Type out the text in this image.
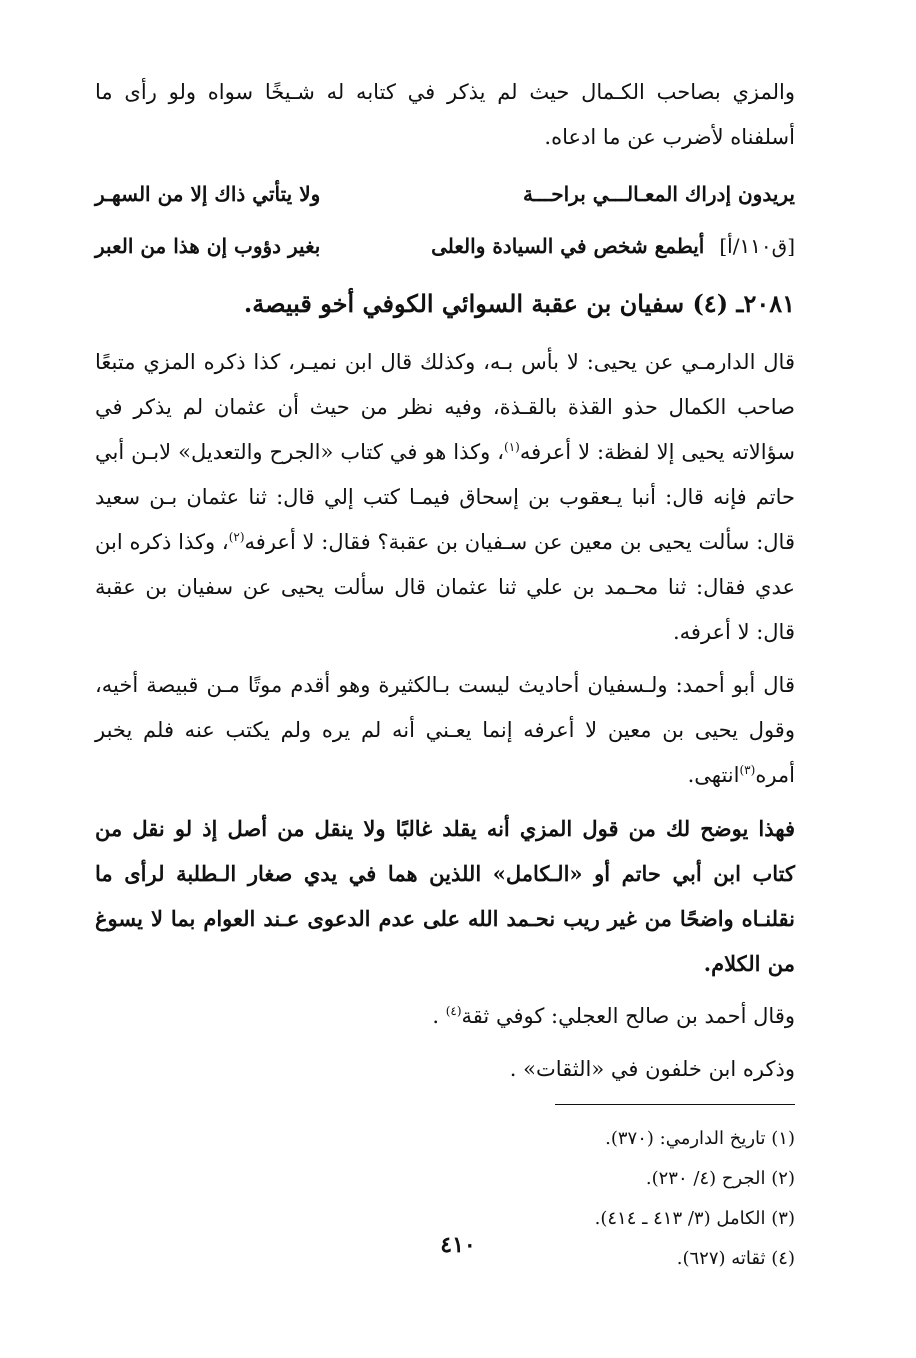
والمزي بصاحب الكـمال حيث لم يذكر في كتابه له شـيخًا سواه ولو رأى ما أسلفناه لأضرب عن ما ادعاه.

يريدون إدراك المعـالـــي براحـــة
ولا يتأتي ذاك إلا من السهـر
[ق١١٠/أ] أيطمع شخص في السيادة والعلى
بغير دؤوب إن هذا من العبر
٢٠٨١ـ (٤) سفيان بن عقبة السوائي الكوفي أخو قبيصة.

قال الدارمـي عن يحيى: لا بأس بـه، وكذلك قال ابن نميـر، كذا ذكره المزي متبعًا صاحب الكمال حذو القذة بالقـذة، وفيه نظر من حيث أن عثمان لم يذكر في سؤالاته يحيى إلا لفظة: لا أعرفه$^{(١)}$، وكذا هو في كتاب «الجرح والتعديل» لابـن أبي حاتم فإنه قال: أنبا يـعقوب بن إسحاق فيمـا كتب إلي قال: ثنا عثمان بـن سعيد قال: سألت يحيى بن معين عن سـفيان بن عقبة؟ فقال: لا أعرفه$^{(٢)}$، وكذا ذكره ابن عدي فقال: ثنا محـمد بن علي ثنا عثمان قال سألت يحيى عن سفيان بن عقبة قال: لا أعرفه.

قال أبو أحمد: ولـسفيان أحاديث ليست بـالكثيرة وهو أقدم موتًا مـن قبيصة أخيه، وقول يحيى بن معين لا أعرفه إنما يعـني أنه لم يره ولم يكتب عنه فلم يخبر أمره$^{(٣)}$انتهى.

فهذا يوضح لك من قول المزي أنه يقلد غالبًا ولا ينقل من أصل إذ لو نقل من كتاب ابن أبي حاتم أو «الـكامل» اللذين هما في يدي صغار الـطلبة لرأى ما نقلنـاه واضحًا من غير ريب نحـمد الله على عدم الدعوى عـند العوام بما لا يسوغ من الكلام.

وقال أحمد بن صالح العجلي: كوفي ثقة$^{(٤)}$ .

وذكره ابن خلفون في «الثقات» .

(١) تاريخ الدارمي: (٣٧٠).
(٢) الجرح (٤/ ٢٣٠).
(٣) الكامل (٣/ ٤١٣ ـ ٤١٤).
(٤) ثقاته (٦٢٧).
٤١٠
